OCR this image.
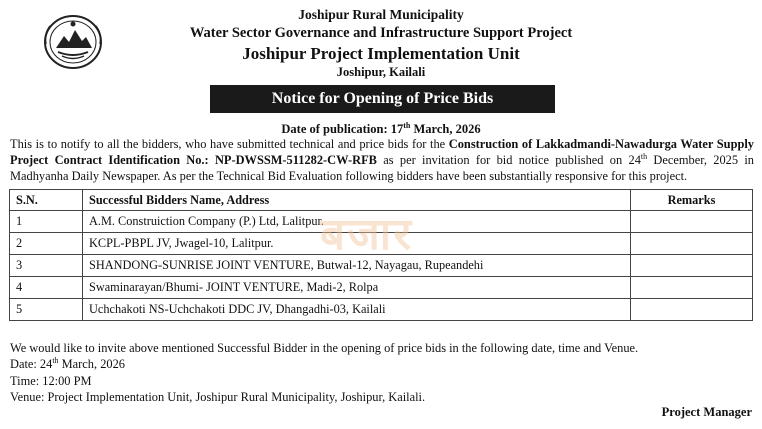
Joshipur Rural Municipality
Water Sector Governance and Infrastructure Support Project
Joshipur Project Implementation Unit
Joshipur, Kailali
Notice for Opening of Price Bids
Date of publication: 17th March, 2026

This is to notify to all the bidders, who have submitted technical and price bids for the Construction of Lakkadmandi-Nawadurga Water Supply Project Contract Identification No.: NP-DWSSM-511282-CW-RFB as per invitation for bid notice published on 24th December, 2025 in Madhyanha Daily Newspaper. As per the Technical Bid Evaluation following bidders have been substantially responsive for this project.

S.N.	Successful Bidders Name, Address	Remarks
1	A.M. Construiction Company (P.) Ltd, Lalitpur.	
2	KCPL-PBPL JV, Jwagel-10, Lalitpur.	
3	SHANDONG-SUNRISE JOINT VENTURE, Butwal-12, Nayagau, Rupeandehi	
4	Swaminarayan/Bhumi- JOINT VENTURE, Madi-2, Rolpa	
5	Uchchakoti NS-Uchchakoti DDC JV, Dhangadhi-03, Kailali	
बजार
We would like to invite above mentioned Successful Bidder in the opening of price bids in the following date, time and Venue.
Date: 24th March, 2026
Time: 12:00 PM
Venue: Project Implementation Unit, Joshipur Rural Municipality, Joshipur, Kailali.
Project Manager
